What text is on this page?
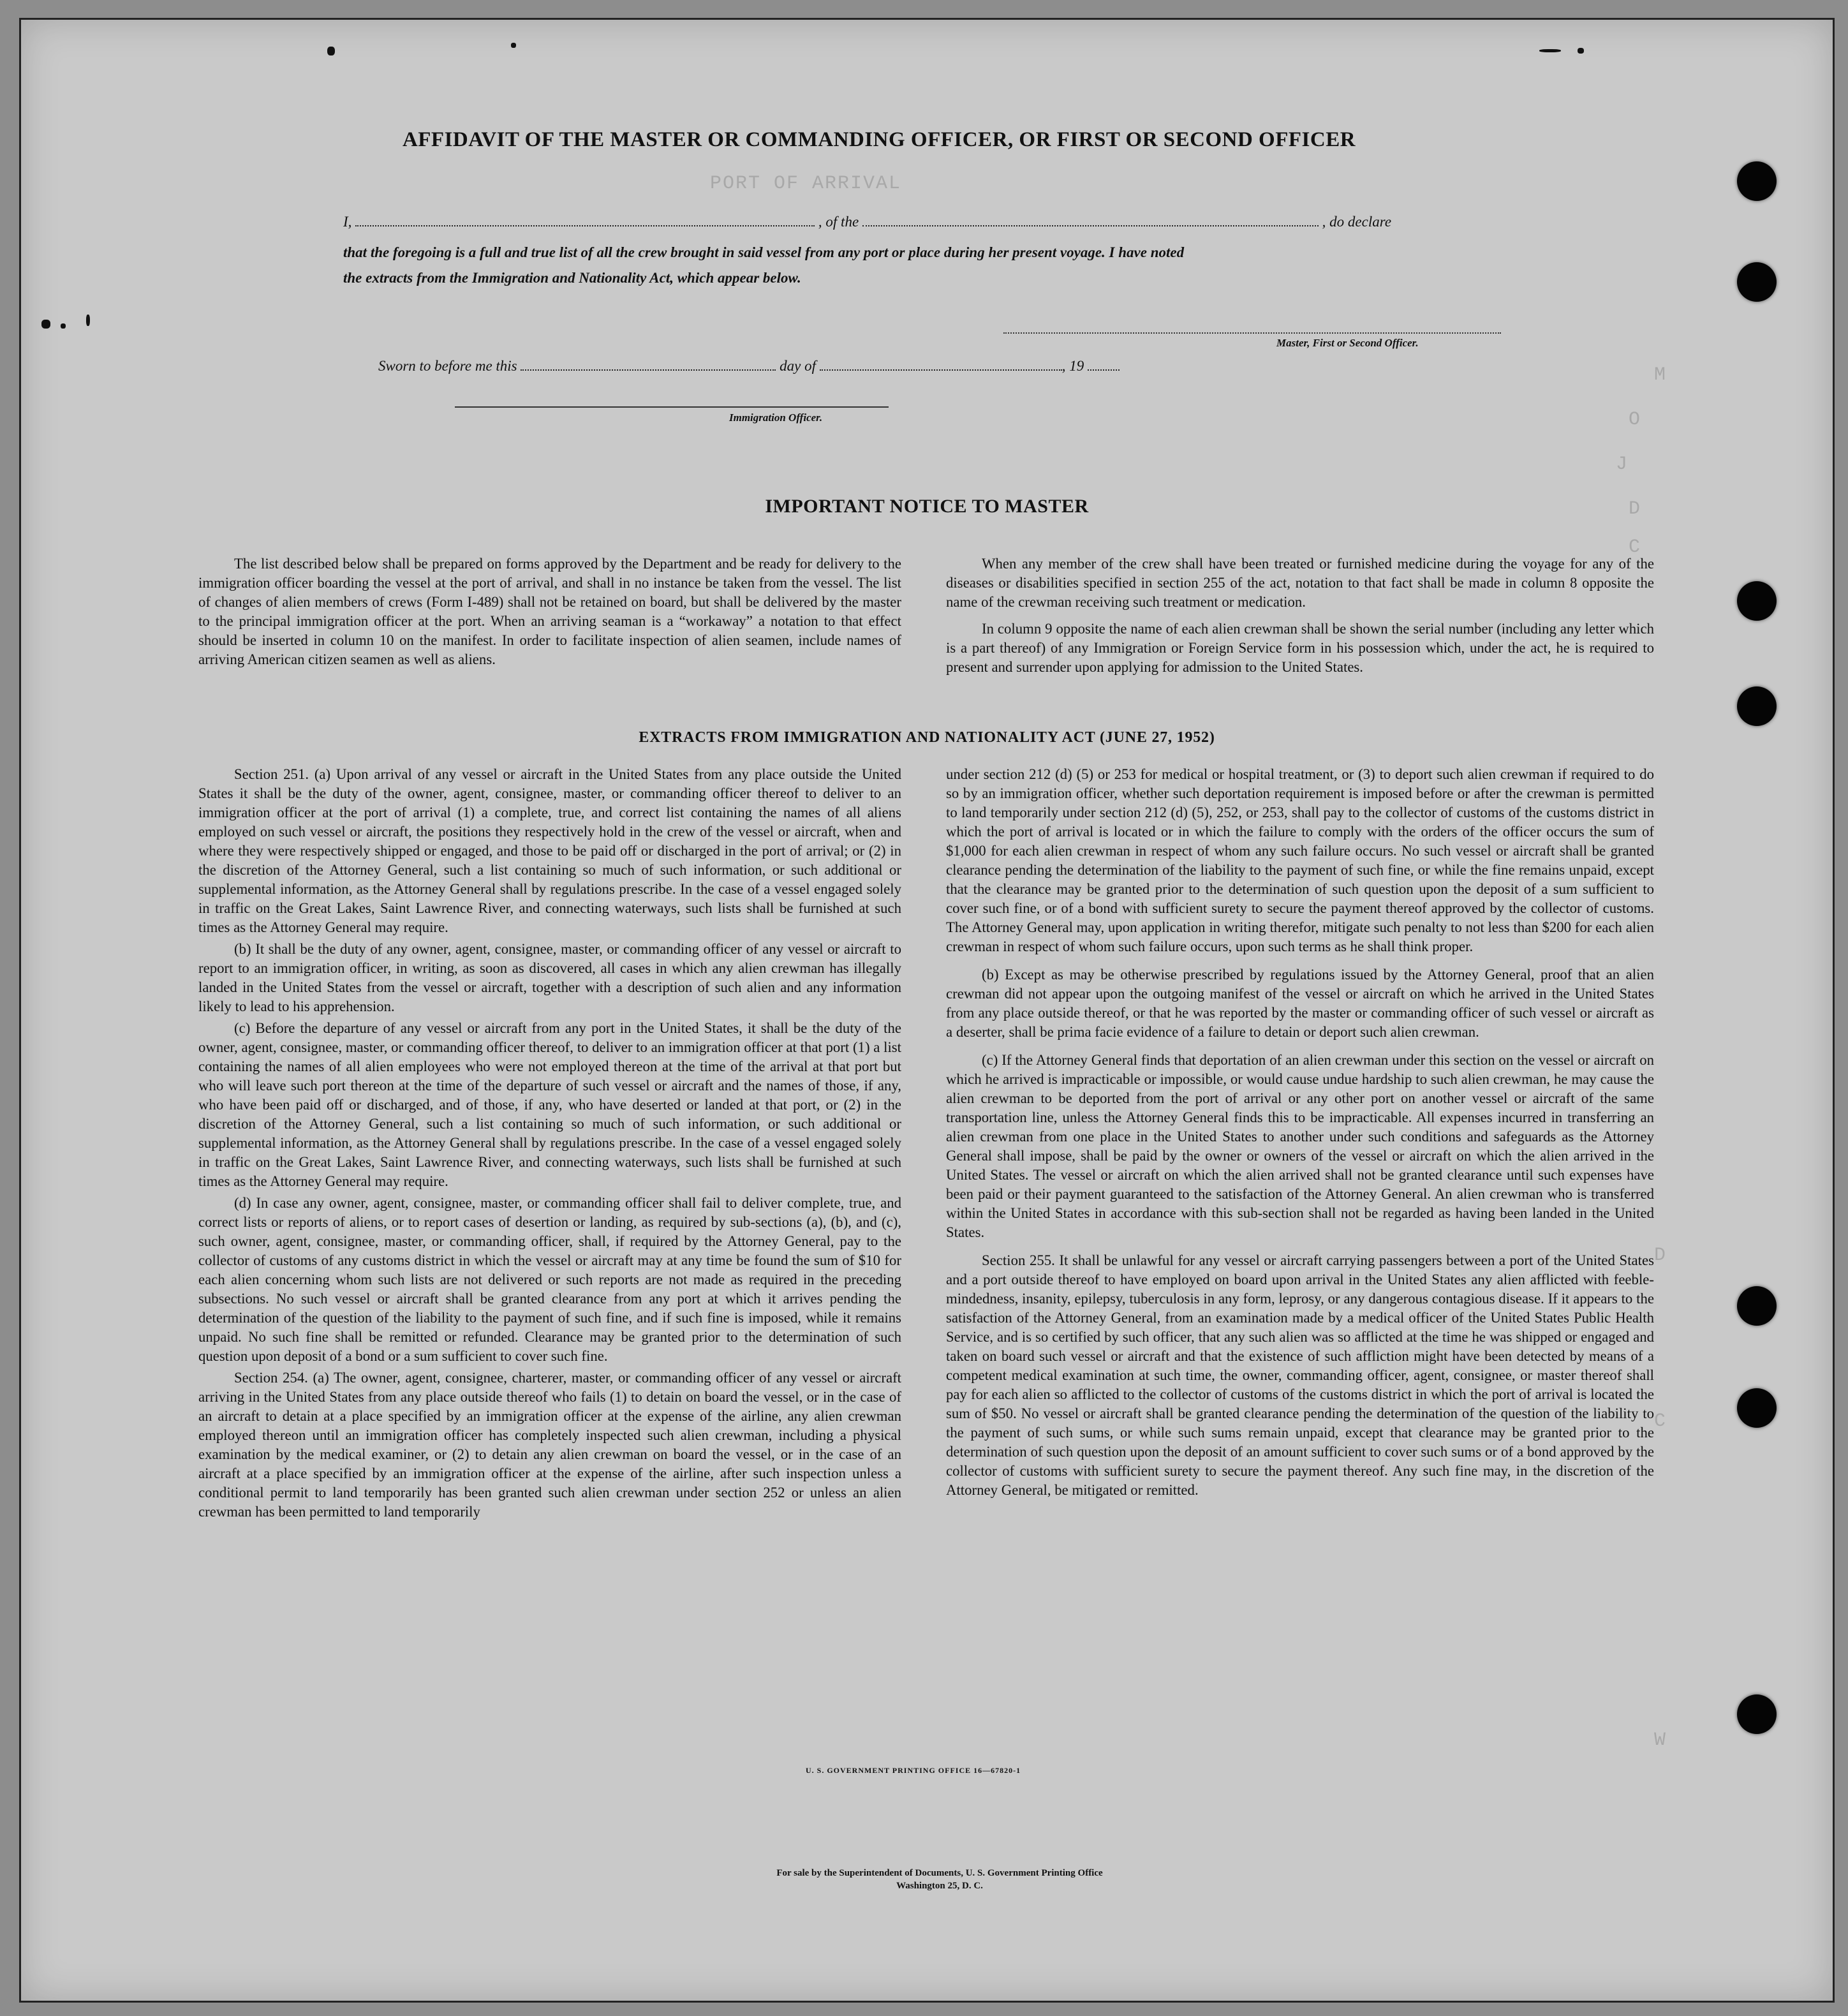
PORT OF ARRIVAL
M
O
J
D
C
D
C
W
AFFIDAVIT OF THE MASTER OR COMMANDING OFFICER, OR FIRST OR SECOND OFFICER
I,	, of the	, do declare
that the foregoing is a full and true list of all the crew brought in said vessel from any port or place during her present voyage. I have noted
the extracts from the Immigration and Nationality Act, which appear below.
Master, First or Second Officer.
Sworn to before me this	day of	, 19
Immigration Officer.
IMPORTANT NOTICE TO MASTER

The list described below shall be prepared on forms approved by the Department and be ready for delivery to the immigration officer boarding the vessel at the port of arrival, and shall in no instance be taken from the vessel. The list of changes of alien members of crews (Form I-489) shall not be retained on board, but shall be delivered by the master to the principal immigration officer at the port. When an arriving seaman is a “workaway” a notation to that effect should be inserted in column 10 on the manifest. In order to facilitate inspection of alien seamen, include names of arriving American citizen seamen as well as aliens.

When any member of the crew shall have been treated or furnished medicine during the voyage for any of the diseases or disabilities specified in section 255 of the act, notation to that fact shall be made in column 8 opposite the name of the crewman receiving such treatment or medication.

In column 9 opposite the name of each alien crewman shall be shown the serial number (including any letter which is a part thereof) of any Immigration or Foreign Service form in his possession which, under the act, he is required to present and surrender upon applying for admission to the United States.

EXTRACTS FROM IMMIGRATION AND NATIONALITY ACT (JUNE 27, 1952)

Section 251. (a) Upon arrival of any vessel or aircraft in the United States from any place outside the United States it shall be the duty of the owner, agent, consignee, master, or commanding officer thereof to deliver to an immigration officer at the port of arrival (1) a complete, true, and correct list containing the names of all aliens employed on such vessel or aircraft, the positions they respectively hold in the crew of the vessel or aircraft, when and where they were respectively shipped or engaged, and those to be paid off or discharged in the port of arrival; or (2) in the discretion of the Attorney General, such a list containing so much of such information, or such additional or supplemental information, as the Attorney General shall by regulations prescribe. In the case of a vessel engaged solely in traffic on the Great Lakes, Saint Lawrence River, and connecting waterways, such lists shall be furnished at such times as the Attorney General may require.

(b) It shall be the duty of any owner, agent, consignee, master, or commanding officer of any vessel or aircraft to report to an immigration officer, in writing, as soon as discovered, all cases in which any alien crewman has illegally landed in the United States from the vessel or aircraft, together with a description of such alien and any information likely to lead to his apprehension.

(c) Before the departure of any vessel or aircraft from any port in the United States, it shall be the duty of the owner, agent, consignee, master, or commanding officer thereof, to deliver to an immigration officer at that port (1) a list containing the names of all alien employees who were not employed thereon at the time of the arrival at that port but who will leave such port thereon at the time of the departure of such vessel or aircraft and the names of those, if any, who have been paid off or discharged, and of those, if any, who have deserted or landed at that port, or (2) in the discretion of the Attorney General, such a list containing so much of such information, or such additional or supplemental information, as the Attorney General shall by regulations prescribe. In the case of a vessel engaged solely in traffic on the Great Lakes, Saint Lawrence River, and connecting waterways, such lists shall be furnished at such times as the Attorney General may require.

(d) In case any owner, agent, consignee, master, or commanding officer shall fail to deliver complete, true, and correct lists or reports of aliens, or to report cases of desertion or landing, as required by sub-sections (a), (b), and (c), such owner, agent, consignee, master, or commanding officer, shall, if required by the Attorney General, pay to the collector of customs of any customs district in which the vessel or aircraft may at any time be found the sum of $10 for each alien concerning whom such lists are not delivered or such reports are not made as required in the preceding subsections. No such vessel or aircraft shall be granted clearance from any port at which it arrives pending the determination of the question of the liability to the payment of such fine, and if such fine is imposed, while it remains unpaid. No such fine shall be remitted or refunded. Clearance may be granted prior to the determination of such question upon deposit of a bond or a sum sufficient to cover such fine.

Section 254. (a) The owner, agent, consignee, charterer, master, or commanding officer of any vessel or aircraft arriving in the United States from any place outside thereof who fails (1) to detain on board the vessel, or in the case of an aircraft to detain at a place specified by an immigration officer at the expense of the airline, any alien crewman employed thereon until an immigration officer has completely inspected such alien crewman, including a physical examination by the medical examiner, or (2) to detain any alien crewman on board the vessel, or in the case of an aircraft at a place specified by an immigration officer at the expense of the airline, after such inspection unless a conditional permit to land temporarily has been granted such alien crewman under section 252 or unless an alien crewman has been permitted to land temporarily

under section 212 (d) (5) or 253 for medical or hospital treatment, or (3) to deport such alien crewman if required to do so by an immigration officer, whether such deportation requirement is imposed before or after the crewman is permitted to land temporarily under section 212 (d) (5), 252, or 253, shall pay to the collector of customs of the customs district in which the port of arrival is located or in which the failure to comply with the orders of the officer occurs the sum of $1,000 for each alien crewman in respect of whom any such failure occurs. No such vessel or aircraft shall be granted clearance pending the determination of the liability to the payment of such fine, or while the fine remains unpaid, except that the clearance may be granted prior to the determination of such question upon the deposit of a sum sufficient to cover such fine, or of a bond with sufficient surety to secure the payment thereof approved by the collector of customs. The Attorney General may, upon application in writing therefor, mitigate such penalty to not less than $200 for each alien crewman in respect of whom such failure occurs, upon such terms as he shall think proper.

(b) Except as may be otherwise prescribed by regulations issued by the Attorney General, proof that an alien crewman did not appear upon the outgoing manifest of the vessel or aircraft on which he arrived in the United States from any place outside thereof, or that he was reported by the master or commanding officer of such vessel or aircraft as a deserter, shall be prima facie evidence of a failure to detain or deport such alien crewman.

(c) If the Attorney General finds that deportation of an alien crewman under this section on the vessel or aircraft on which he arrived is impracticable or impossible, or would cause undue hardship to such alien crewman, he may cause the alien crewman to be deported from the port of arrival or any other port on another vessel or aircraft of the same transportation line, unless the Attorney General finds this to be impracticable. All expenses incurred in transferring an alien crewman from one place in the United States to another under such conditions and safeguards as the Attorney General shall impose, shall be paid by the owner or owners of the vessel or aircraft on which the alien arrived in the United States. The vessel or aircraft on which the alien arrived shall not be granted clearance until such expenses have been paid or their payment guaranteed to the satisfaction of the Attorney General. An alien crewman who is transferred within the United States in accordance with this sub-section shall not be regarded as having been landed in the United States.

Section 255. It shall be unlawful for any vessel or aircraft carrying passengers between a port of the United States and a port outside thereof to have employed on board upon arrival in the United States any alien afflicted with feeble-mindedness, insanity, epilepsy, tuberculosis in any form, leprosy, or any dangerous contagious disease. If it appears to the satisfaction of the Attorney General, from an examination made by a medical officer of the United States Public Health Service, and is so certified by such officer, that any such alien was so afflicted at the time he was shipped or engaged and taken on board such vessel or aircraft and that the existence of such affliction might have been detected by means of a competent medical examination at such time, the owner, commanding officer, agent, consignee, or master thereof shall pay for each alien so afflicted to the collector of customs of the customs district in which the port of arrival is located the sum of $50. No vessel or aircraft shall be granted clearance pending the determination of the question of the liability to the payment of such sums, or while such sums remain unpaid, except that clearance may be granted prior to the determination of such question upon the deposit of an amount sufficient to cover such sums or of a bond approved by the collector of customs with sufficient surety to secure the payment thereof. Any such fine may, in the discretion of the Attorney General, be mitigated or remitted.

U. S. GOVERNMENT PRINTING OFFICE 16—67820-1
For sale by the Superintendent of Documents, U. S. Government Printing Office
Washington 25, D. C.
